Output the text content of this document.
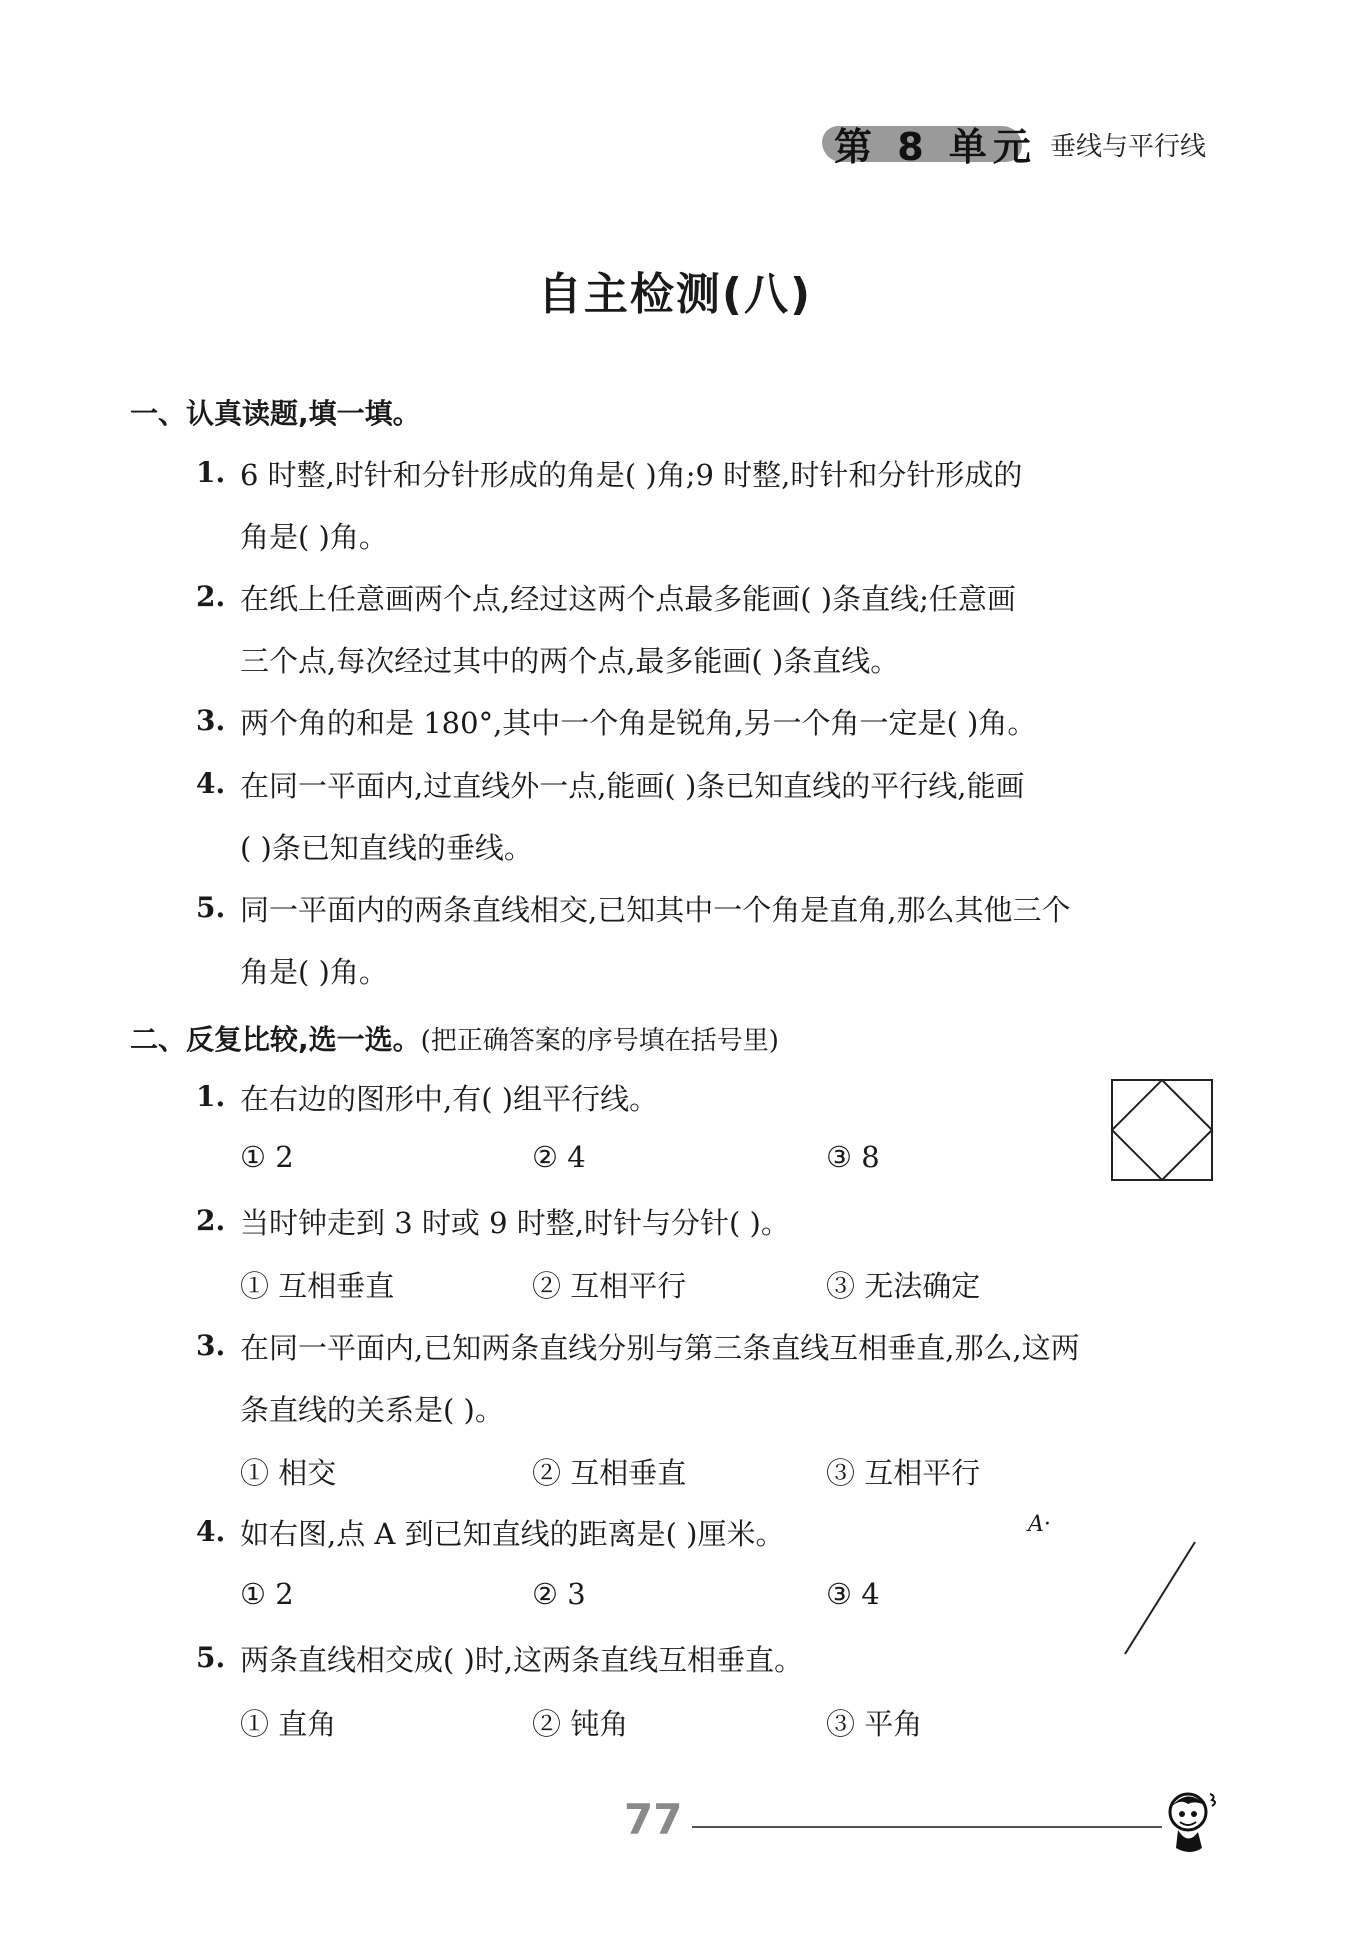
第 8 单元 垂线与平行线
自主检测(八)
一、认真读题,填一填。
1. 6 时整,时针和分针形成的角是( )角;9 时整,时针和分针形成的
角是( )角。
2. 在纸上任意画两个点,经过这两个点最多能画( )条直线;任意画
三个点,每次经过其中的两个点,最多能画( )条直线。
3. 两个角的和是 180°,其中一个角是锐角,另一个角一定是( )角。
4. 在同一平面内,过直线外一点,能画( )条已知直线的平行线,能画
( )条已知直线的垂线。
5. 同一平面内的两条直线相交,已知其中一个角是直角,那么其他三个
角是( )角。
二、反复比较,选一选。(把正确答案的序号填在括号里)
1. 在右边的图形中,有( )组平行线。
① 2	② 4	③ 8
2. 当时钟走到 3 时或 9 时整,时针与分针( )。
① 互相垂直	② 互相平行	③ 无法确定
3. 在同一平面内,已知两条直线分别与第三条直线互相垂直,那么,这两
条直线的关系是( )。
① 相交	② 互相垂直	③ 互相平行
4. 如右图,点 A 到已知直线的距离是( )厘米。
① 2	② 3	③ 4
A·
5. 两条直线相交成( )时,这两条直线互相垂直。
① 直角	② 钝角	③ 平角
77
